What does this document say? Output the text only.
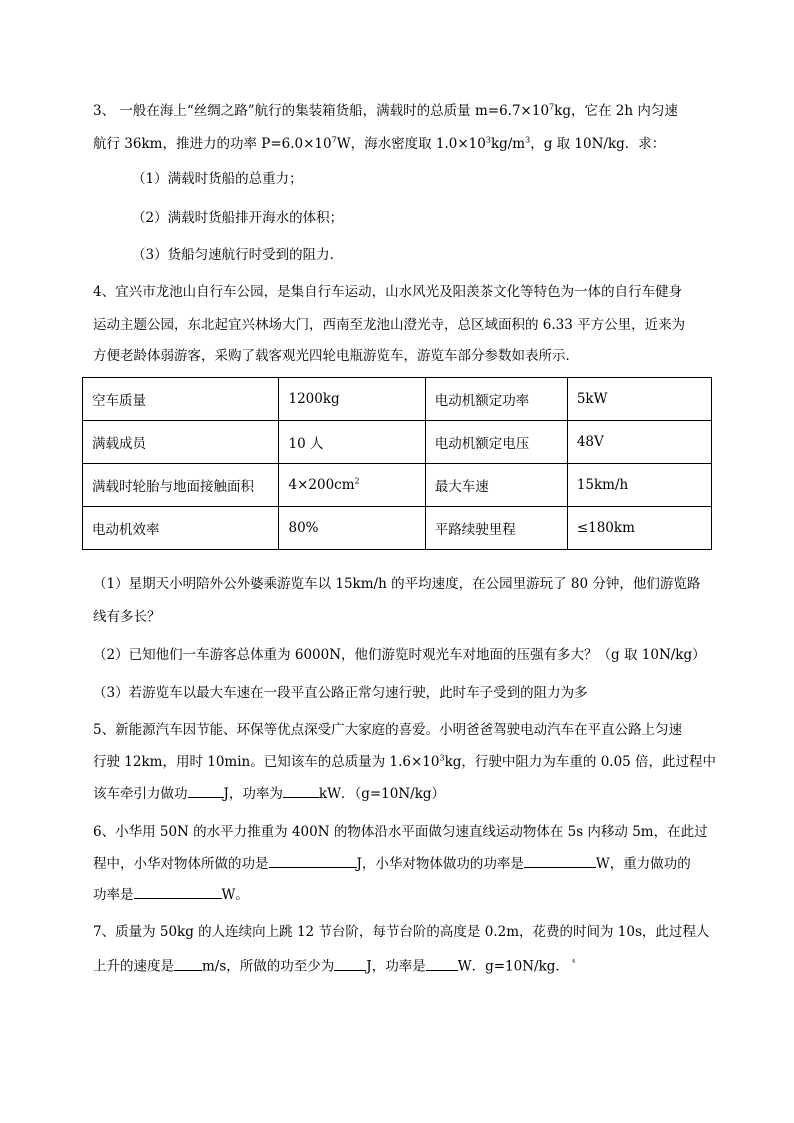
3、 一般在海上“丝绸之路”航行的集装箱货船，满载时的总质量 $m=6.7\times 10^7kg$，它在 2h 内匀速
航行 36km，推进力的功率 $P=6.0\times 10^7W$，海水密度取 $1.0\times 10^3kg/m^3$，g 取 10N/kg．求：
（1）满载时货船的总重力；
（2）满载时货船排开海水的体积；
（3）货船匀速航行时受到的阻力．
4、宜兴市龙池山自行车公园，是集自行车运动，山水风光及阳羡茶文化等特色为一体的自行车健身
运动主题公园，东北起宜兴林场大门，西南至龙池山澄光寺，总区域面积的 6.33 平方公里，近来为
方便老龄体弱游客，采购了载客观光四轮电瓶游览车，游览车部分参数如表所示．
空车质量	1200kg	电动机额定功率	5kW
满载成员	10 人	电动机额定电压	48V
满载时轮胎与地面接触面积	$4\times 200cm^2$	最大车速	15km/h
电动机效率	80%	平路续驶里程	≤180km
（1）星期天小明陪外公外婆乘游览车以 15km/h 的平均速度，在公园里游玩了 80 分钟，他们游览路
线有多长？
（2）已知他们一车游客总体重为 6000N，他们游览时观光车对地面的压强有多大？（g 取 10N/kg）
（3）若游览车以最大车速在一段平直公路正常匀速行驶，此时车子受到的阻力为多
5、新能源汽车因节能、环保等优点深受广大家庭的喜爱。小明爸爸驾驶电动汽车在平直公路上匀速
行驶 12km，用时 10min。已知该车的总质量为 $1.6\times 10^3kg$，行驶中阻力为车重的 0.05 倍，此过程中
该车牵引力做功	J，功率为	kW．（g=10N/kg）
6、小华用 50N 的水平力推重为 400N 的物体沿水平面做匀速直线运动物体在 5s 内移动 5m，在此过
程中，小华对物体所做的功是	J，小华对物体做功的功率是	W，重力做功的
功率是	W。
7、质量为 50kg 的人连续向上跳 12 节台阶，每节台阶的高度是 0.2m，花费的时间为 10s，此过程人
上升的速度是 m/s，所做的功至少为 J，功率是 W．g=10N/kg． $^{^4}$
